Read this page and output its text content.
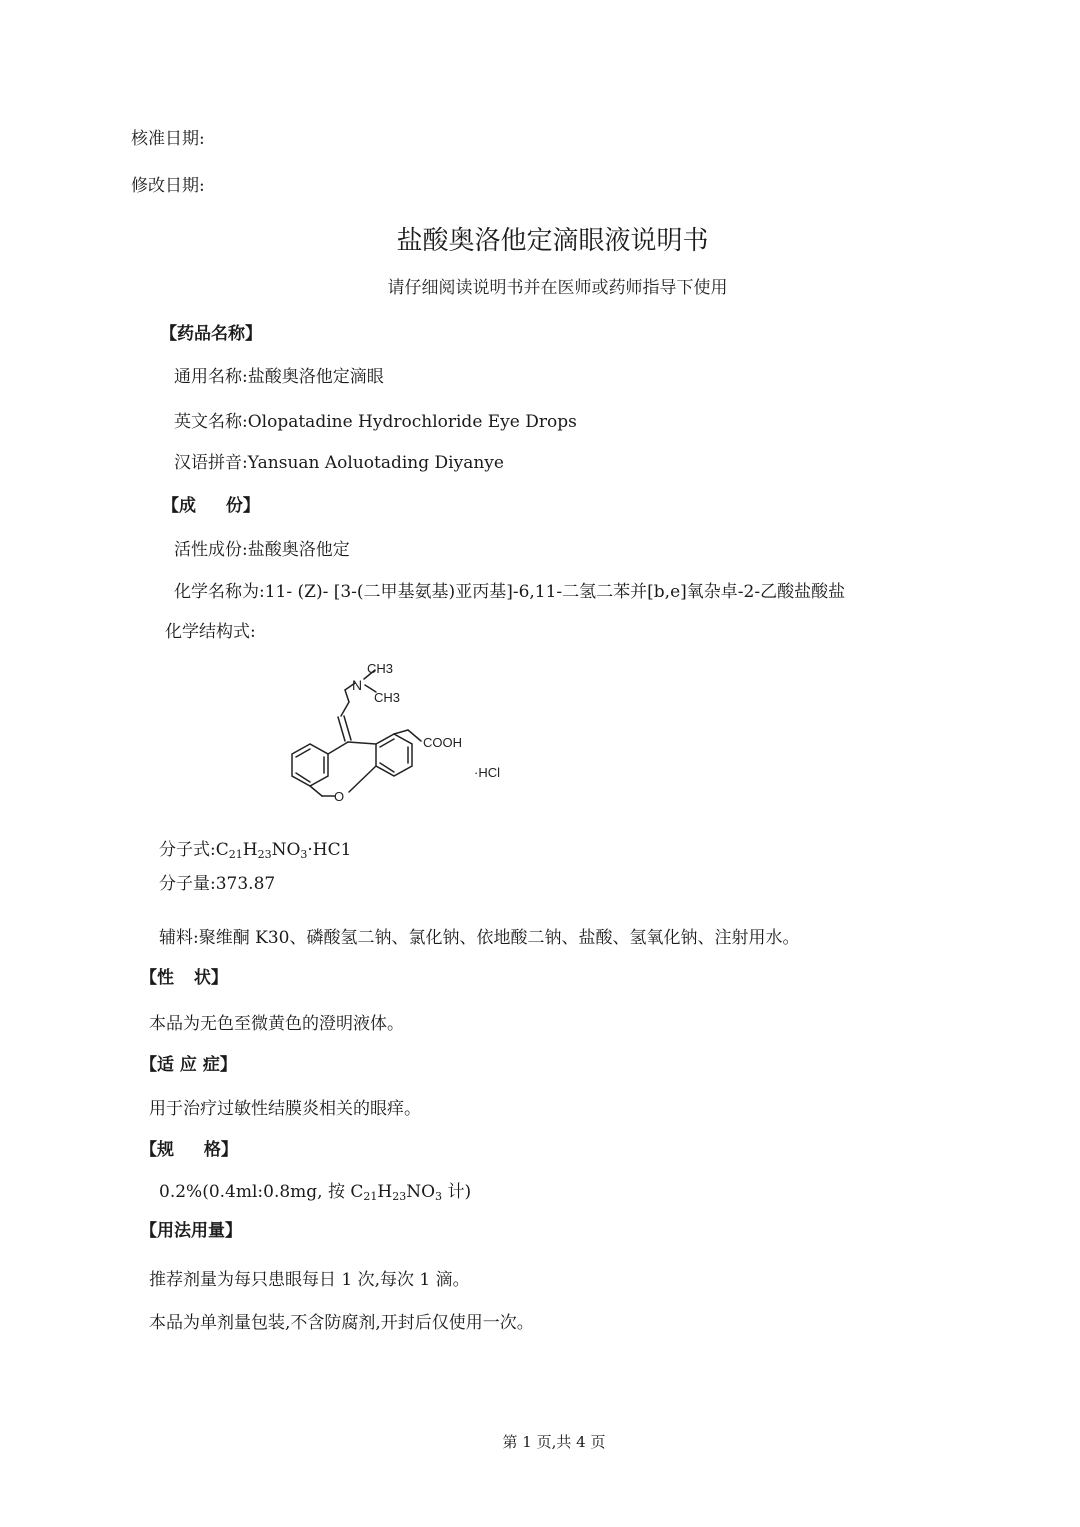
核准日期:
修改日期:
盐酸奥洛他定滴眼液说明书
请仔细阅读说明书并在医师或药师指导下使用
【药品名称】
通用名称:盐酸奥洛他定滴眼
英文名称:Olopatadine Hydrochloride Eye Drops
汉语拼音:Yansuan Aoluotading Diyanye
【成 份】
活性成份:盐酸奥洛他定
化学名称为:11- (Z)- [3-(二甲基氨基)亚丙基]-6,11-二氢二苯并[b,e]氧杂卓-2-乙酸盐酸盐
化学结构式:
CH3
N
CH3
COOH
O
·HCl
分子式$:C_{21}H_{23}NO_3\cdot HC1$
分子量:373.87
辅料:聚维酮 K30、磷酸氢二钠、氯化钠、依地酸二钠、盐酸、氢氧化钠、注射用水。
【性 状】
本品为无色至微黄色的澄明液体。
【适 应 症】
用于治疗过敏性结膜炎相关的眼痒。
【规 格】
0.2%(0.4ml:0.8mg, 按 $C_{21}H_{23}NO_3$ 计)
【用法用量】
推荐剂量为每只患眼每日 1 次,每次 1 滴。
本品为单剂量包装,不含防腐剂,开封后仅使用一次。
第 1 页,共 4 页
